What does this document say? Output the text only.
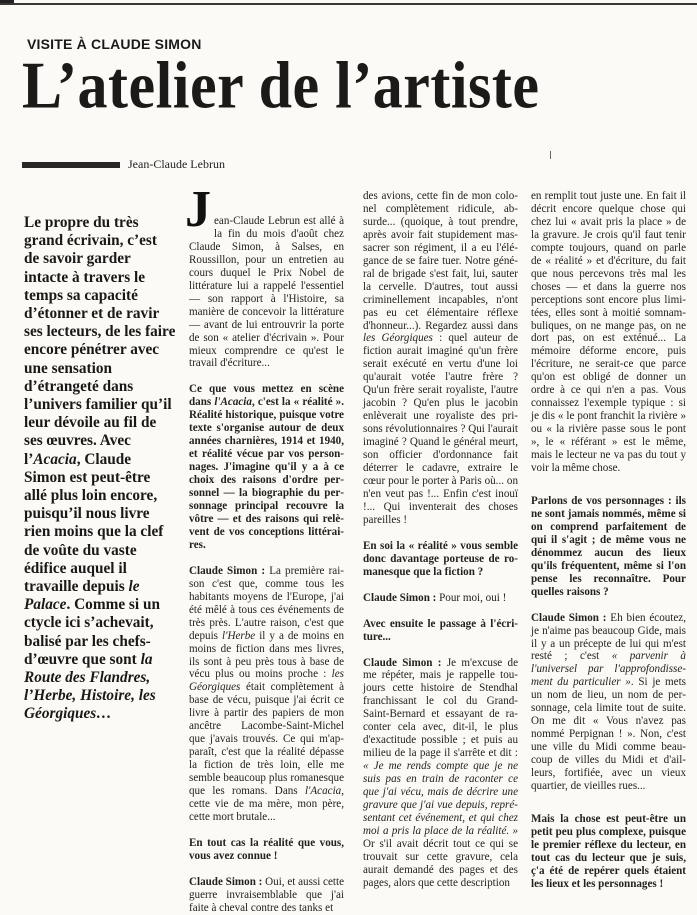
VISITE À CLAUDE SIMON
L’atelier de l’artiste
Jean-Claude Lebrun
Le propre du très grand écrivain, c’est de savoir garder intacte à travers le temps sa capacité d’étonner et de ravir ses lecteurs, de les faire encore pénétrer avec une sensation d’étrangeté dans l’univers familier qu’il leur dévoile au fil de ses œuvres. Avec l’Acacia, Claude Simon est peut-être allé plus loin encore, puisqu’il nous livre rien moins que la clef de voûte du vaste édifice auquel il travaille depuis le Palace. Comme si un ctycle ici s’achevait, balisé par les chefs-d’œuvre que sont la Route des Flandres, l’Herbe, Histoire, les Géorgiques…

Jean-Claude Lebrun est allé à la fin du mois d'août chez Claude Simon, à Salses, en Roussillon, pour un entretien au cours duquel le Prix Nobel de littérature lui a rappelé l'essentiel — son rapport à l'Histoire, sa manière de concevoir la littérature — avant de lui entrouvrir la porte de son « atelier d'écrivain ». Pour mieux comprendre ce qu'est le travail d'écriture...

Ce que vous mettez en scène dans l'Acacia, c'est la « réalité ». Réalité historique, puisque votre texte s'organise autour de deux années charnières, 1914 et 1940, et réalité vécue par vos personnages. J'imagine qu'il y a à ce choix des raisons d'ordre personnel — la biographie du personnage principal recouvre la vôtre — et des raisons qui relèvent de vos conceptions littéraires.

Claude Simon : La première raison c'est que, comme tous les habitants moyens de l'Europe, j'ai été mêlé à tous ces événements de très près. L'autre raison, c'est que depuis l'Herbe il y a de moins en moins de fiction dans mes livres, ils sont à peu près tous à base de vécu plus ou moins proche : les Géorgiques était complètement à base de vécu, puisque j'ai écrit ce livre à partir des papiers de mon ancêtre Lacombe-Saint-Michel que j'avais trouvés. Ce qui m'apparaît, c'est que la réalité dépasse la fiction de très loin, elle me semble beaucoup plus romanesque que les romans. Dans l'Acacia, cette vie de ma mère, mon père, cette mort brutale...

En tout cas la réalité que vous, vous avez connue !

Claude Simon : Oui, et aussi cette guerre invraisemblable que j'ai faite à cheval contre des tanks et

des avions, cette fin de mon colonel complètement ridicule, absurde... (quoique, à tout prendre, après avoir fait stupidement massacrer son régiment, il a eu l'élégance de se faire tuer. Notre général de brigade s'est fait, lui, sauter la cervelle. D'autres, tout aussi criminellement incapables, n'ont pas eu cet élémentaire réflexe d'honneur...). Regardez aussi dans les Géorgiques : quel auteur de fiction aurait imaginé qu'un frère serait exécuté en vertu d'une loi qu'aurait votée l'autre frère ? Qu'un frère serait royaliste, l'autre jacobin ? Qu'en plus le jacobin enlèverait une royaliste des prisons révolutionnaires ? Qui l'aurait imaginé ? Quand le général meurt, son officier d'ordonnance fait déterrer le cadavre, extraire le cœur pour le porter à Paris où... on n'en veut pas !... Enfin c'est inouï !... Qui inventerait des choses pareilles !

En soi la « réalité » vous semble donc davantage porteuse de romanesque que la fiction ?

Claude Simon : Pour moi, oui !

Avec ensuite le passage à l'écriture...

Claude Simon : Je m'excuse de me répéter, mais je rappelle toujours cette histoire de Stendhal franchissant le col du Grand-Saint-Bernard et essayant de raconter cela avec, dit-il, le plus d'exactitude possible ; et puis au milieu de la page il s'arrête et dit : « Je me rends compte que je ne suis pas en train de raconter ce que j'ai vécu, mais de décrire une gravure que j'ai vue depuis, représentant cet événement, et qui chez moi a pris la place de la réalité. » Or s'il avait décrit tout ce qui se trouvait sur cette gravure, cela aurait demandé des pages et des pages, alors que cette description

en remplit tout juste une. En fait il décrit encore quelque chose qui chez lui « avait pris la place » de la gravure. Je crois qu'il faut tenir compte toujours, quand on parle de « réalité » et d'écriture, du fait que nous percevons très mal les choses — et dans la guerre nos perceptions sont encore plus limitées, elles sont à moitié somnambuliques, on ne mange pas, on ne dort pas, on est exténué... La mémoire déforme encore, puis l'écriture, ne serait-ce que parce qu'on est obligé de donner un ordre à ce qui n'en a pas. Vous connaissez l'exemple typique : si je dis « le pont franchit la rivière » ou « la rivière passe sous le pont », le « référant » est le même, mais le lecteur ne va pas du tout y voir la même chose.

Parlons de vos personnages : ils ne sont jamais nommés, même si on comprend parfaitement de qui il s'agit ; de même vous ne dénommez aucun des lieux qu'ils fréquentent, même si l'on pense les reconnaître. Pour quelles raisons ?

Claude Simon : Eh bien écoutez, je n'aime pas beaucoup Gide, mais il y a un précepte de lui qui m'est resté ; c'est « parvenir à l'universel par l'approfondissement du particulier ». Si je mets un nom de lieu, un nom de personnage, cela limite tout de suite. On me dit « Vous n'avez pas nommé Perpignan ! ». Non, c'est une ville du Midi comme beaucoup de villes du Midi et d'ailleurs, fortifiée, avec un vieux quartier, de vieilles rues...

Mais la chose est peut-être un petit peu plus complexe, puisque le premier réflexe du lecteur, en tout cas du lecteur que je suis, ç'a été de repérer quels étaient les lieux et les personnages !
